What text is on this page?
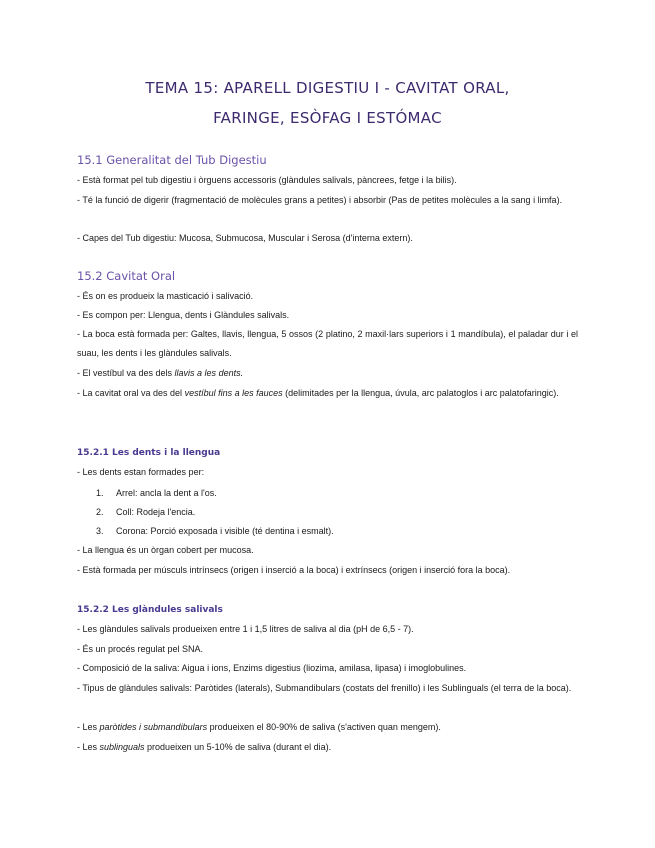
TEMA 15: APARELL DIGESTIU I - CAVITAT ORAL,
FARINGE, ESÒFAG I ESTÓMAC
15.1 Generalitat del Tub Digestiu

- Està format pel tub digestiu i òrguens accessoris (glàndules salivals, pàncrees, fetge i la bilis).

- Té la funció de digerir (fragmentació de molècules grans a petites) i absorbir (Pas de petites molècules a la sang i limfa).

- Capes del Tub digestiu: Mucosa, Submucosa, Muscular i Serosa (d'interna extern).

15.2 Cavitat Oral

- És on es produeix la masticació i salivació.

- Es compon per: Llengua, dents i Glàndules salivals.

- La boca està formada per: Galtes, llavis, llengua, 5 ossos (2 platino, 2 maxil·lars superiors i 1 mandíbula), el paladar dur i el suau, les dents i les glàndules salivals.

- El vestíbul va des dels llavis a les dents.

- La cavitat oral va des del vestíbul fins a les fauces (delimitades per la llengua, úvula, arc palatoglos i arc palatofaringic).

15.2.1 Les dents i la llengua

- Les dents estan formades per:

1. Arrel: ancla la dent a l'os.

2. Coll: Rodeja l'encia.

3. Corona: Porció exposada i visible (té dentina i esmalt).

- La llengua és un òrgan cobert per mucosa.

- Està formada per músculs intrínsecs (origen i inserció a la boca) i extrínsecs (origen i inserció fora la boca).

15.2.2 Les glàndules salivals

- Les glàndules salivals produeixen entre 1 i 1,5 litres de saliva al dia (pH de 6,5 - 7).

- És un procés regulat pel SNA.

- Composició de la saliva: Aigua i ions, Enzims digestius (liozima, amilasa, lipasa) i imoglobulines.

- Tipus de glàndules salivals: Paròtides (laterals), Submandibulars (costats del frenillo) i les Sublinguals (el terra de la boca).

- Les paròtides i submandibulars produeixen el 80-90% de saliva (s'activen quan mengem).

- Les sublinguals produeixen un 5-10% de saliva (durant el dia).
